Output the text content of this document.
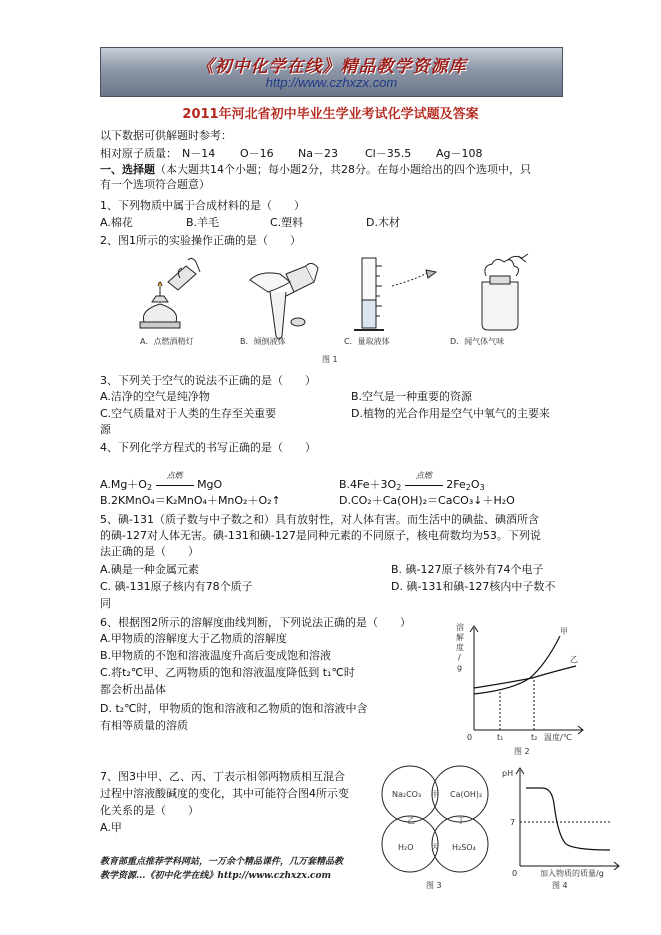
《初中化学在线》精品教学资源库
http://www.czhxzx.com
2011年河北省初中毕业生学业考试化学试题及答案
以下数据可供解题时参考：
相对原子质量： N－14 O－16 Na－23 Cl－35.5 Ag－108
一、选择题（本大题共14个小题；每小题2分，共28分。在每小题给出的四个选项中，只
有一个选项符合题意）
1、下列物质中属于合成材料的是（　　）
A.棉花	B.羊毛	C.塑料	D.木材
2、图1所示的实验操作正确的是（　　）
A．点燃酒精灯	B．倾倒液体	C．量取液体	D．闻气体气味
图 1
3、下列关于空气的说法不正确的是（　　）
A.洁净的空气是纯净物	B.空气是一种重要的资源
C.空气质量对于人类的生存至关重要	D.植物的光合作用是空气中氧气的主要来
源
4、下列化学方程式的书写正确的是（　　）
$A.Mg+O_2$
点燃
MgO	$B.4Fe+3O_2$
点燃
$2Fe_2O_3$
B.2KMnO₄＝K₂MnO₄＋MnO₂＋O₂↑	D.CO₂＋Ca(OH)₂＝CaCO₃↓＋H₂O
5、碘-131（质子数与中子数之和）具有放射性，对人体有害。而生活中的碘盐、碘酒所含
的碘-127对人体无害。碘-131和碘-127是同种元素的不同原子，核电荷数均为53。下列说
法正确的是（　　）
A.碘是一种金属元素	B. 碘-127原子核外有74个电子
C. 碘-131原子核内有78个质子	D. 碘-131和碘-127核内中子数不
同
6、根据图2所示的溶解度曲线判断，下列说法正确的是（　　）
A.甲物质的溶解度大于乙物质的溶解度
B.甲物质的不饱和溶液温度升高后变成饱和溶液
C.将t₂℃甲、乙两物质的饱和溶液温度降低到 t₁℃时
都会析出晶体
D. t₂℃时，甲物质的饱和溶液和乙物质的饱和溶液中含
有相等质量的溶质
溶
解
度
/
g
甲
乙
0	t₁	t₂ 温度/℃
图 2
7、图3中甲、乙、丙、丁表示相邻两物质相互混合
过程中溶液酸碱度的变化，其中可能符合图4所示变
化关系的是（　　）
A.甲
Na₂CO₃	Ca(OH)₂
H₂O	H₂SO₄
甲
乙
丙
丁
图 3
pH
7
0	加入物质的质量/g
图 4
教育部重点推荐学科网站，一万余个精品课件，几万套精品教
教学资源...《初中化学在线》http://www.czhxzx.com
